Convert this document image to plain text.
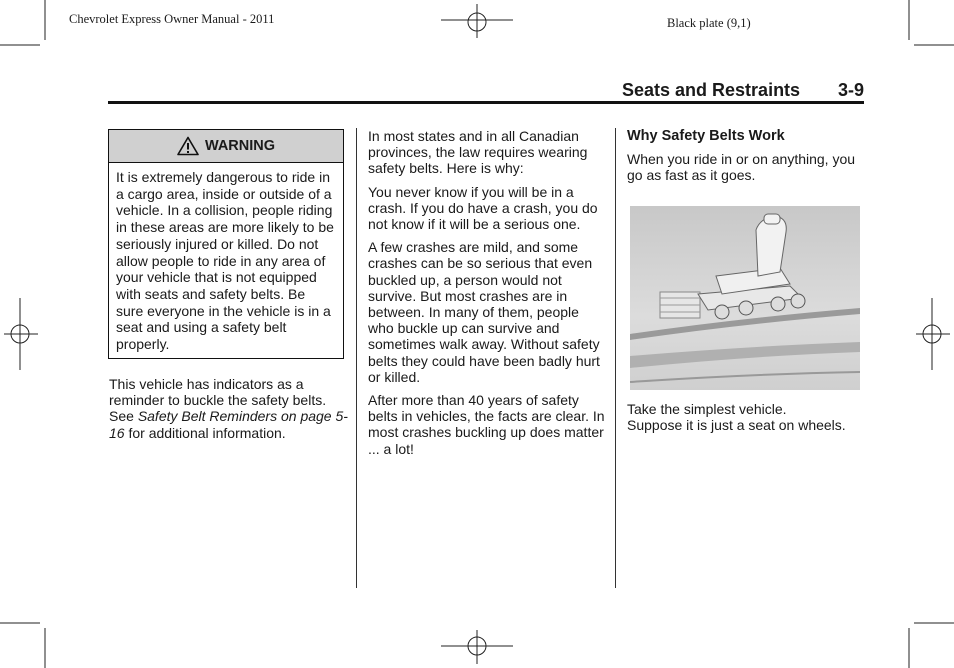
Chevrolet Express Owner Manual - 2011	Black plate (9,1)
Seats and Restraints 3-9
WARNING
It is extremely dangerous to ride in a cargo area, inside or outside of a vehicle. In a collision, people riding in these areas are more likely to be seriously injured or killed. Do not allow people to ride in any area of your vehicle that is not equipped with seats and safety belts. Be sure everyone in the vehicle is in a seat and using a safety belt properly.
This vehicle has indicators as a reminder to buckle the safety belts. See Safety Belt Reminders on page 5-16 for additional information.

In most states and in all Canadian provinces, the law requires wearing safety belts. Here is why:

You never know if you will be in a crash. If you do have a crash, you do not know if it will be a serious one.

A few crashes are mild, and some crashes can be so serious that even buckled up, a person would not survive. But most crashes are in between. In many of them, people who buckle up can survive and sometimes walk away. Without safety belts they could have been badly hurt or killed.

After more than 40 years of safety belts in vehicles, the facts are clear. In most crashes buckling up does matter ... a lot!

Why Safety Belts Work

When you ride in or on anything, you go as fast as it goes.

Take the simplest vehicle.
Suppose it is just a seat on wheels.
